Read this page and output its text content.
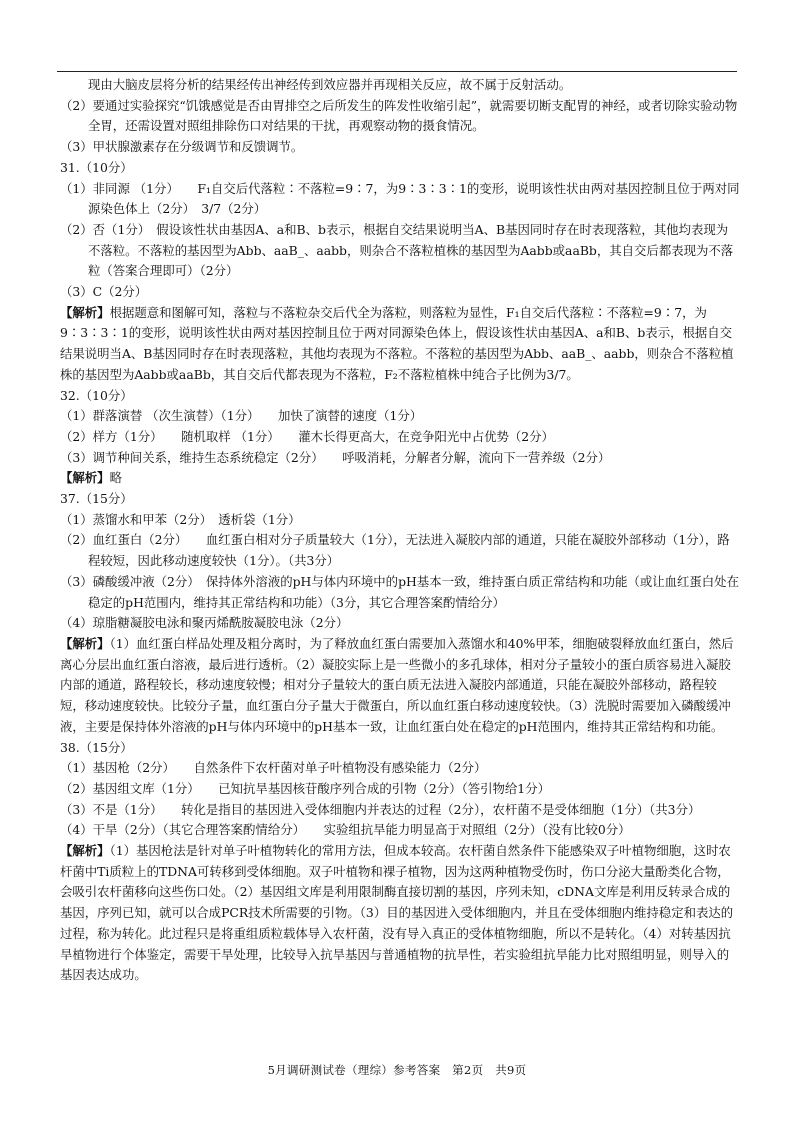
现由大脑皮层将分析的结果经传出神经传到效应器并再现相关反应，故不属于反射活动。

（2）要通过实验探究“饥饿感觉是否由胃排空之后所发生的阵发性收缩引起”，就需要切断支配胃的神经，或者切除实验动物全胃，还需设置对照组排除伤口对结果的干扰，再观察动物的摄食情况。

（3）甲状腺激素存在分级调节和反馈调节。

31.（10分）

（1）非同源 （1分）　　F₁自交后代落粒∶不落粒=9∶7，为9∶3∶3∶1的变形，说明该性状由两对基因控制且位于两对同源染色体上（2分）　3/7（2分）

（2）否（1分）　假设该性状由基因A、a和B、b表示，根据自交结果说明当A、B基因同时存在时表现落粒，其他均表现为不落粒。不落粒的基因型为Abb、aaB_、aabb，则杂合不落粒植株的基因型为Aabb或aaBb，其自交后都表现为不落粒（答案合理即可）（2分）

（3）C（2分）

【解析】根据题意和图解可知，落粒与不落粒杂交后代全为落粒，则落粒为显性，F₁自交后代落粒∶不落粒=9∶7，为9∶3∶3∶1的变形，说明该性状由两对基因控制且位于两对同源染色体上，假设该性状由基因A、a和B、b表示，根据自交结果说明当A、B基因同时存在时表现落粒，其他均表现为不落粒。不落粒的基因型为Abb、aaB_、aabb，则杂合不落粒植株的基因型为Aabb或aaBb，其自交后代都表现为不落粒，F₂不落粒植株中纯合子比例为3/7。

32.（10分）

（1）群落演替 （次生演替）（1分）　　加快了演替的速度（1分）

（2）样方（1分）　　随机取样 （1分）　　灌木长得更高大，在竞争阳光中占优势（2分）

（3）调节种间关系，维持生态系统稳定（2分）　　呼吸消耗，分解者分解，流向下一营养级（2分）

【解析】略

37.（15分）

（1）蒸馏水和甲苯（2分）　透析袋（1分）

（2）血红蛋白（2分）　　血红蛋白相对分子质量较大（1分），无法进入凝胶内部的通道，只能在凝胶外部移动（1分），路程较短，因此移动速度较快（1分）。（共3分）

（3）磷酸缓冲液（2分）　保持体外溶液的pH与体内环境中的pH基本一致，维持蛋白质正常结构和功能（或让血红蛋白处在稳定的pH范围内，维持其正常结构和功能）（3分，其它合理答案酌情给分）

（4）琼脂糖凝胶电泳和聚丙烯酰胺凝胶电泳（2分）

【解析】（1）血红蛋白样品处理及粗分离时，为了释放血红蛋白需要加入蒸馏水和40%甲苯，细胞破裂释放血红蛋白，然后离心分层出血红蛋白溶液，最后进行透析。（2）凝胶实际上是一些微小的多孔球体，相对分子量较小的蛋白质容易进入凝胶内部的通道，路程较长，移动速度较慢；相对分子量较大的蛋白质无法进入凝胶内部通道，只能在凝胶外部移动，路程较短，移动速度较快。比较分子量，血红蛋白分子量大于微蛋白，所以血红蛋白移动速度较快。（3）洗脱时需要加入磷酸缓冲液，主要是保持体外溶液的pH与体内环境中的pH基本一致，让血红蛋白处在稳定的pH范围内，维持其正常结构和功能。

38.（15分）

（1）基因枪（2分）　　自然条件下农杆菌对单子叶植物没有感染能力（2分）

（2）基因组文库（1分）　　已知抗旱基因核苷酸序列合成的引物（2分）（答引物给1分）

（3）不是（1分）　　转化是指目的基因进入受体细胞内并表达的过程（2分），农杆菌不是受体细胞（1分）（共3分）

（4）干旱（2分）（其它合理答案酌情给分）　　实验组抗旱能力明显高于对照组（2分）（没有比较0分）

【解析】（1）基因枪法是针对单子叶植物转化的常用方法，但成本较高。农杆菌自然条件下能感染双子叶植物细胞，这时农杆菌中Ti质粒上的TDNA可转移到受体细胞。双子叶植物和裸子植物，因为这两种植物受伤时，伤口分泌大量酚类化合物，会吸引农杆菌移向这些伤口处。（2）基因组文库是利用限制酶直接切割的基因，序列未知，cDNA文库是利用反转录合成的基因，序列已知，就可以合成PCR技术所需要的引物。（3）目的基因进入受体细胞内，并且在受体细胞内维持稳定和表达的过程，称为转化。此过程只是将重组质粒载体导入农杆菌，没有导入真正的受体植物细胞，所以不是转化。（4）对转基因抗旱植物进行个体鉴定，需要干旱处理，比较导入抗旱基因与普通植物的抗旱性，若实验组抗旱能力比对照组明显，则导入的基因表达成功。

5月调研测试卷（理综）参考答案　第2页　共9页
